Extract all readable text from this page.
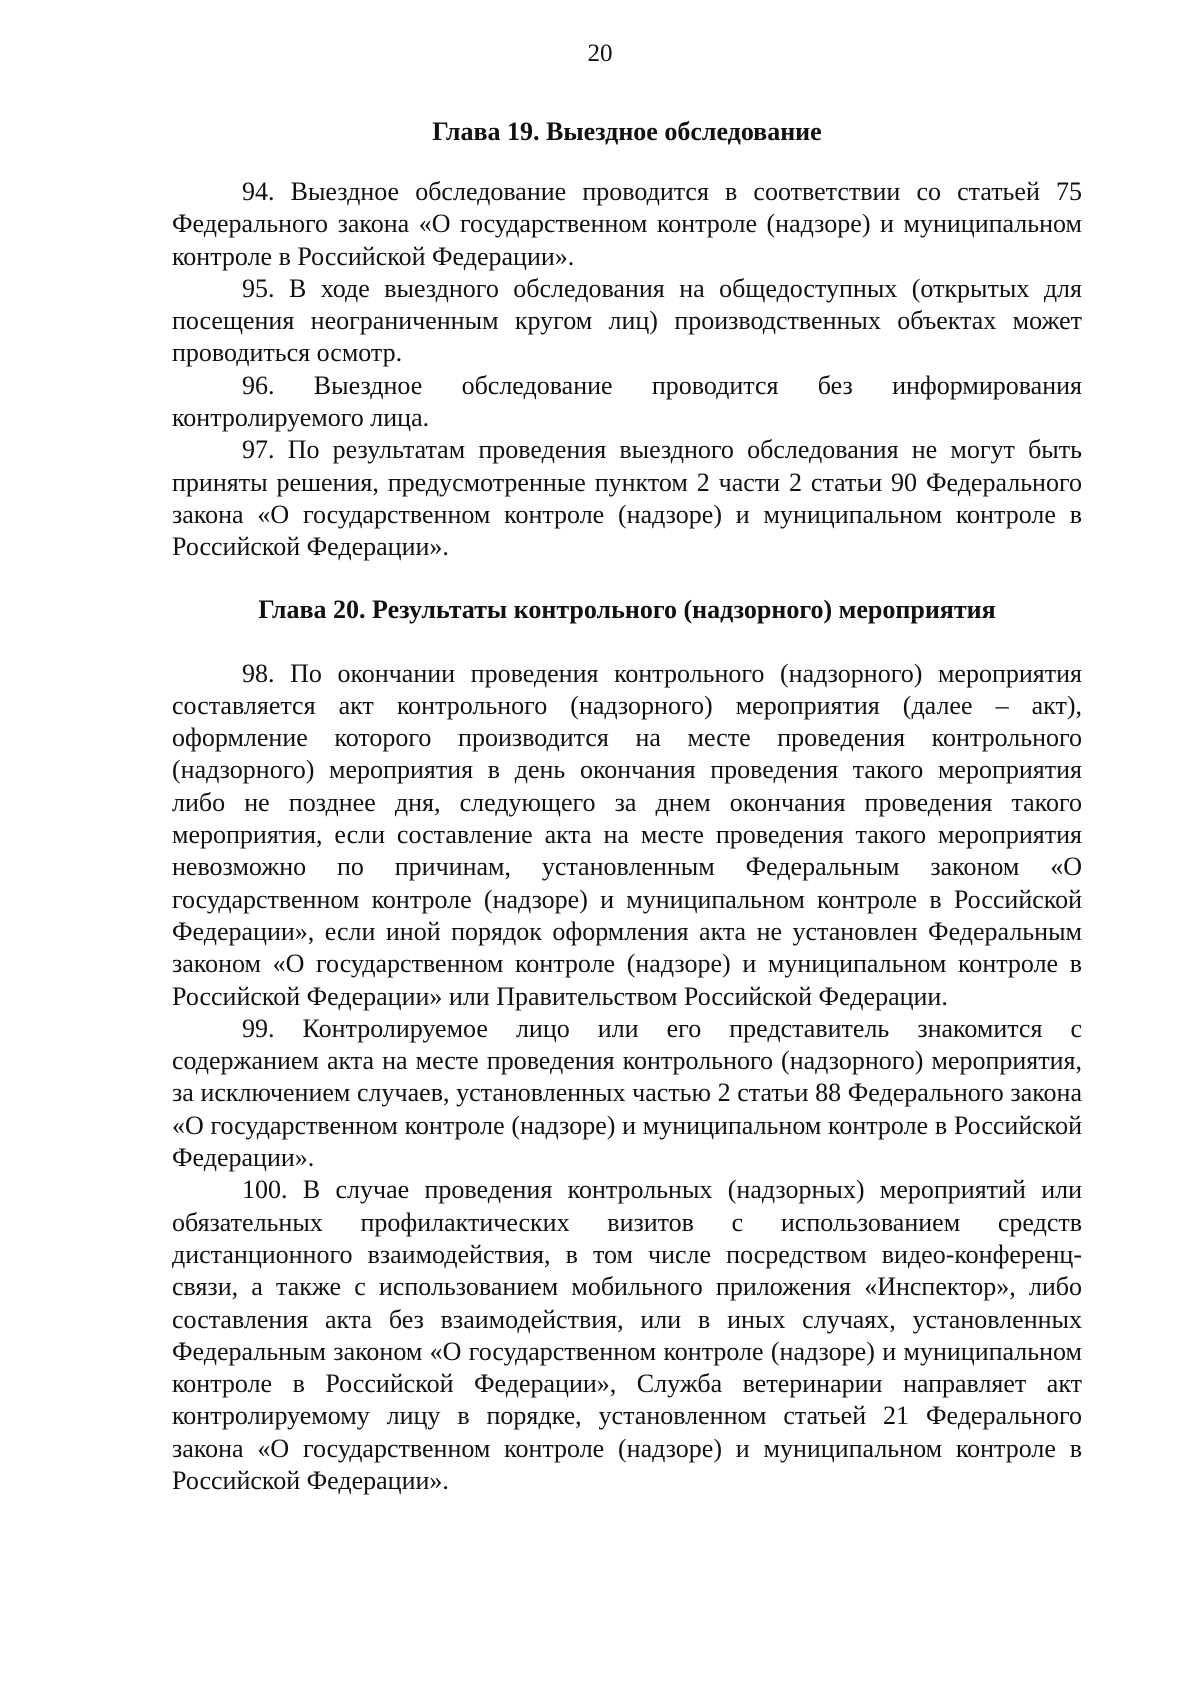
20
Глава 19. Выездное обследование

94. Выездное обследование проводится в соответствии со статьей 75 Федерального закона «О государственном контроле (надзоре) и муниципальном контроле в Российской Федерации».

95. В ходе выездного обследования на общедоступных (открытых для посещения неограниченным кругом лиц) производственных объектах может проводиться осмотр.

96. Выездное обследование проводится без информирования контролируемого лица.

97. По результатам проведения выездного обследования не могут быть приняты решения, предусмотренные пунктом 2 части 2 статьи 90 Федерального закона «О государственном контроле (надзоре) и муниципальном контроле в Российской Федерации».

Глава 20. Результаты контрольного (надзорного) мероприятия

98. По окончании проведения контрольного (надзорного) мероприятия составляется акт контрольного (надзорного) мероприятия (далее – акт), оформление которого производится на месте проведения контрольного (надзорного) мероприятия в день окончания проведения такого мероприятия либо не позднее дня, следующего за днем окончания проведения такого мероприятия, если составление акта на месте проведения такого мероприятия невозможно по причинам, установленным Федеральным законом «О государственном контроле (надзоре) и муниципальном контроле в Российской Федерации», если иной порядок оформления акта не установлен Федеральным законом «О государственном контроле (надзоре) и муниципальном контроле в Российской Федерации» или Правительством Российской Федерации.

99. Контролируемое лицо или его представитель знакомится с содержанием акта на месте проведения контрольного (надзорного) мероприятия, за исключением случаев, установленных частью 2 статьи 88 Федерального закона «О государственном контроле (надзоре) и муниципальном контроле в Российской Федерации».

100. В случае проведения контрольных (надзорных) мероприятий или обязательных профилактических визитов с использованием средств дистанционного взаимодействия, в том числе посредством видео-конференц-связи, а также с использованием мобильного приложения «Инспектор», либо составления акта без взаимодействия, или в иных случаях, установленных Федеральным законом «О государственном контроле (надзоре) и муниципальном контроле в Российской Федерации», Служба ветеринарии направляет акт контролируемому лицу в порядке, установленном статьей 21 Федерального закона «О государственном контроле (надзоре) и муниципальном контроле в Российской Федерации».
